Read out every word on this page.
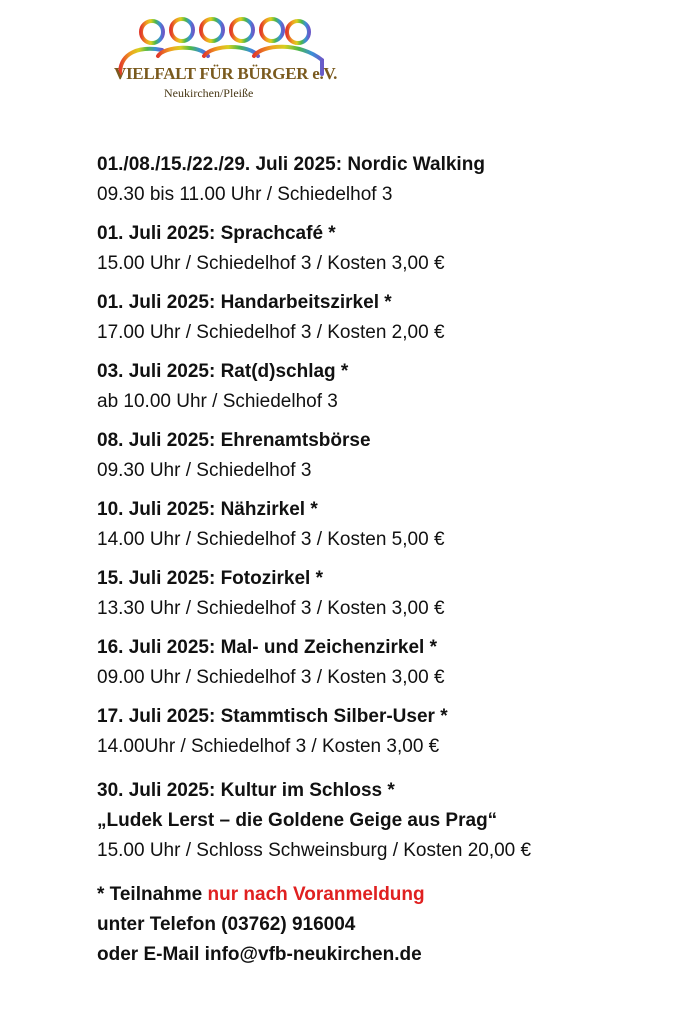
VIELFALT FÜR BÜRGER e.V.
Neukirchen/Pleiße
01./08./15./22./29. Juli 2025: Nordic Walking
09.30 bis 11.00 Uhr / Schiedelhof 3
01. Juli 2025: Sprachcafé *
15.00 Uhr / Schiedelhof 3 / Kosten 3,00 €
01. Juli 2025: Handarbeitszirkel *
17.00 Uhr / Schiedelhof 3 / Kosten 2,00 €
03. Juli 2025: Rat(d)schlag *
ab 10.00 Uhr / Schiedelhof 3
08. Juli 2025: Ehrenamtsbörse
09.30 Uhr / Schiedelhof 3
10. Juli 2025: Nähzirkel *
14.00 Uhr / Schiedelhof 3 / Kosten 5,00 €
15. Juli 2025: Fotozirkel *
13.30 Uhr / Schiedelhof 3 / Kosten 3,00 €
16. Juli 2025: Mal- und Zeichenzirkel *
09.00 Uhr / Schiedelhof 3 / Kosten 3,00 €
17. Juli 2025: Stammtisch Silber-User *
14.00Uhr / Schiedelhof 3 / Kosten 3,00 €
30. Juli 2025: Kultur im Schloss *
„Ludek Lerst – die Goldene Geige aus Prag“
15.00 Uhr / Schloss Schweinsburg / Kosten 20,00 €
* Teilnahme nur nach Voranmeldung
unter Telefon (03762) 916004
oder E-Mail info@vfb-neukirchen.de
